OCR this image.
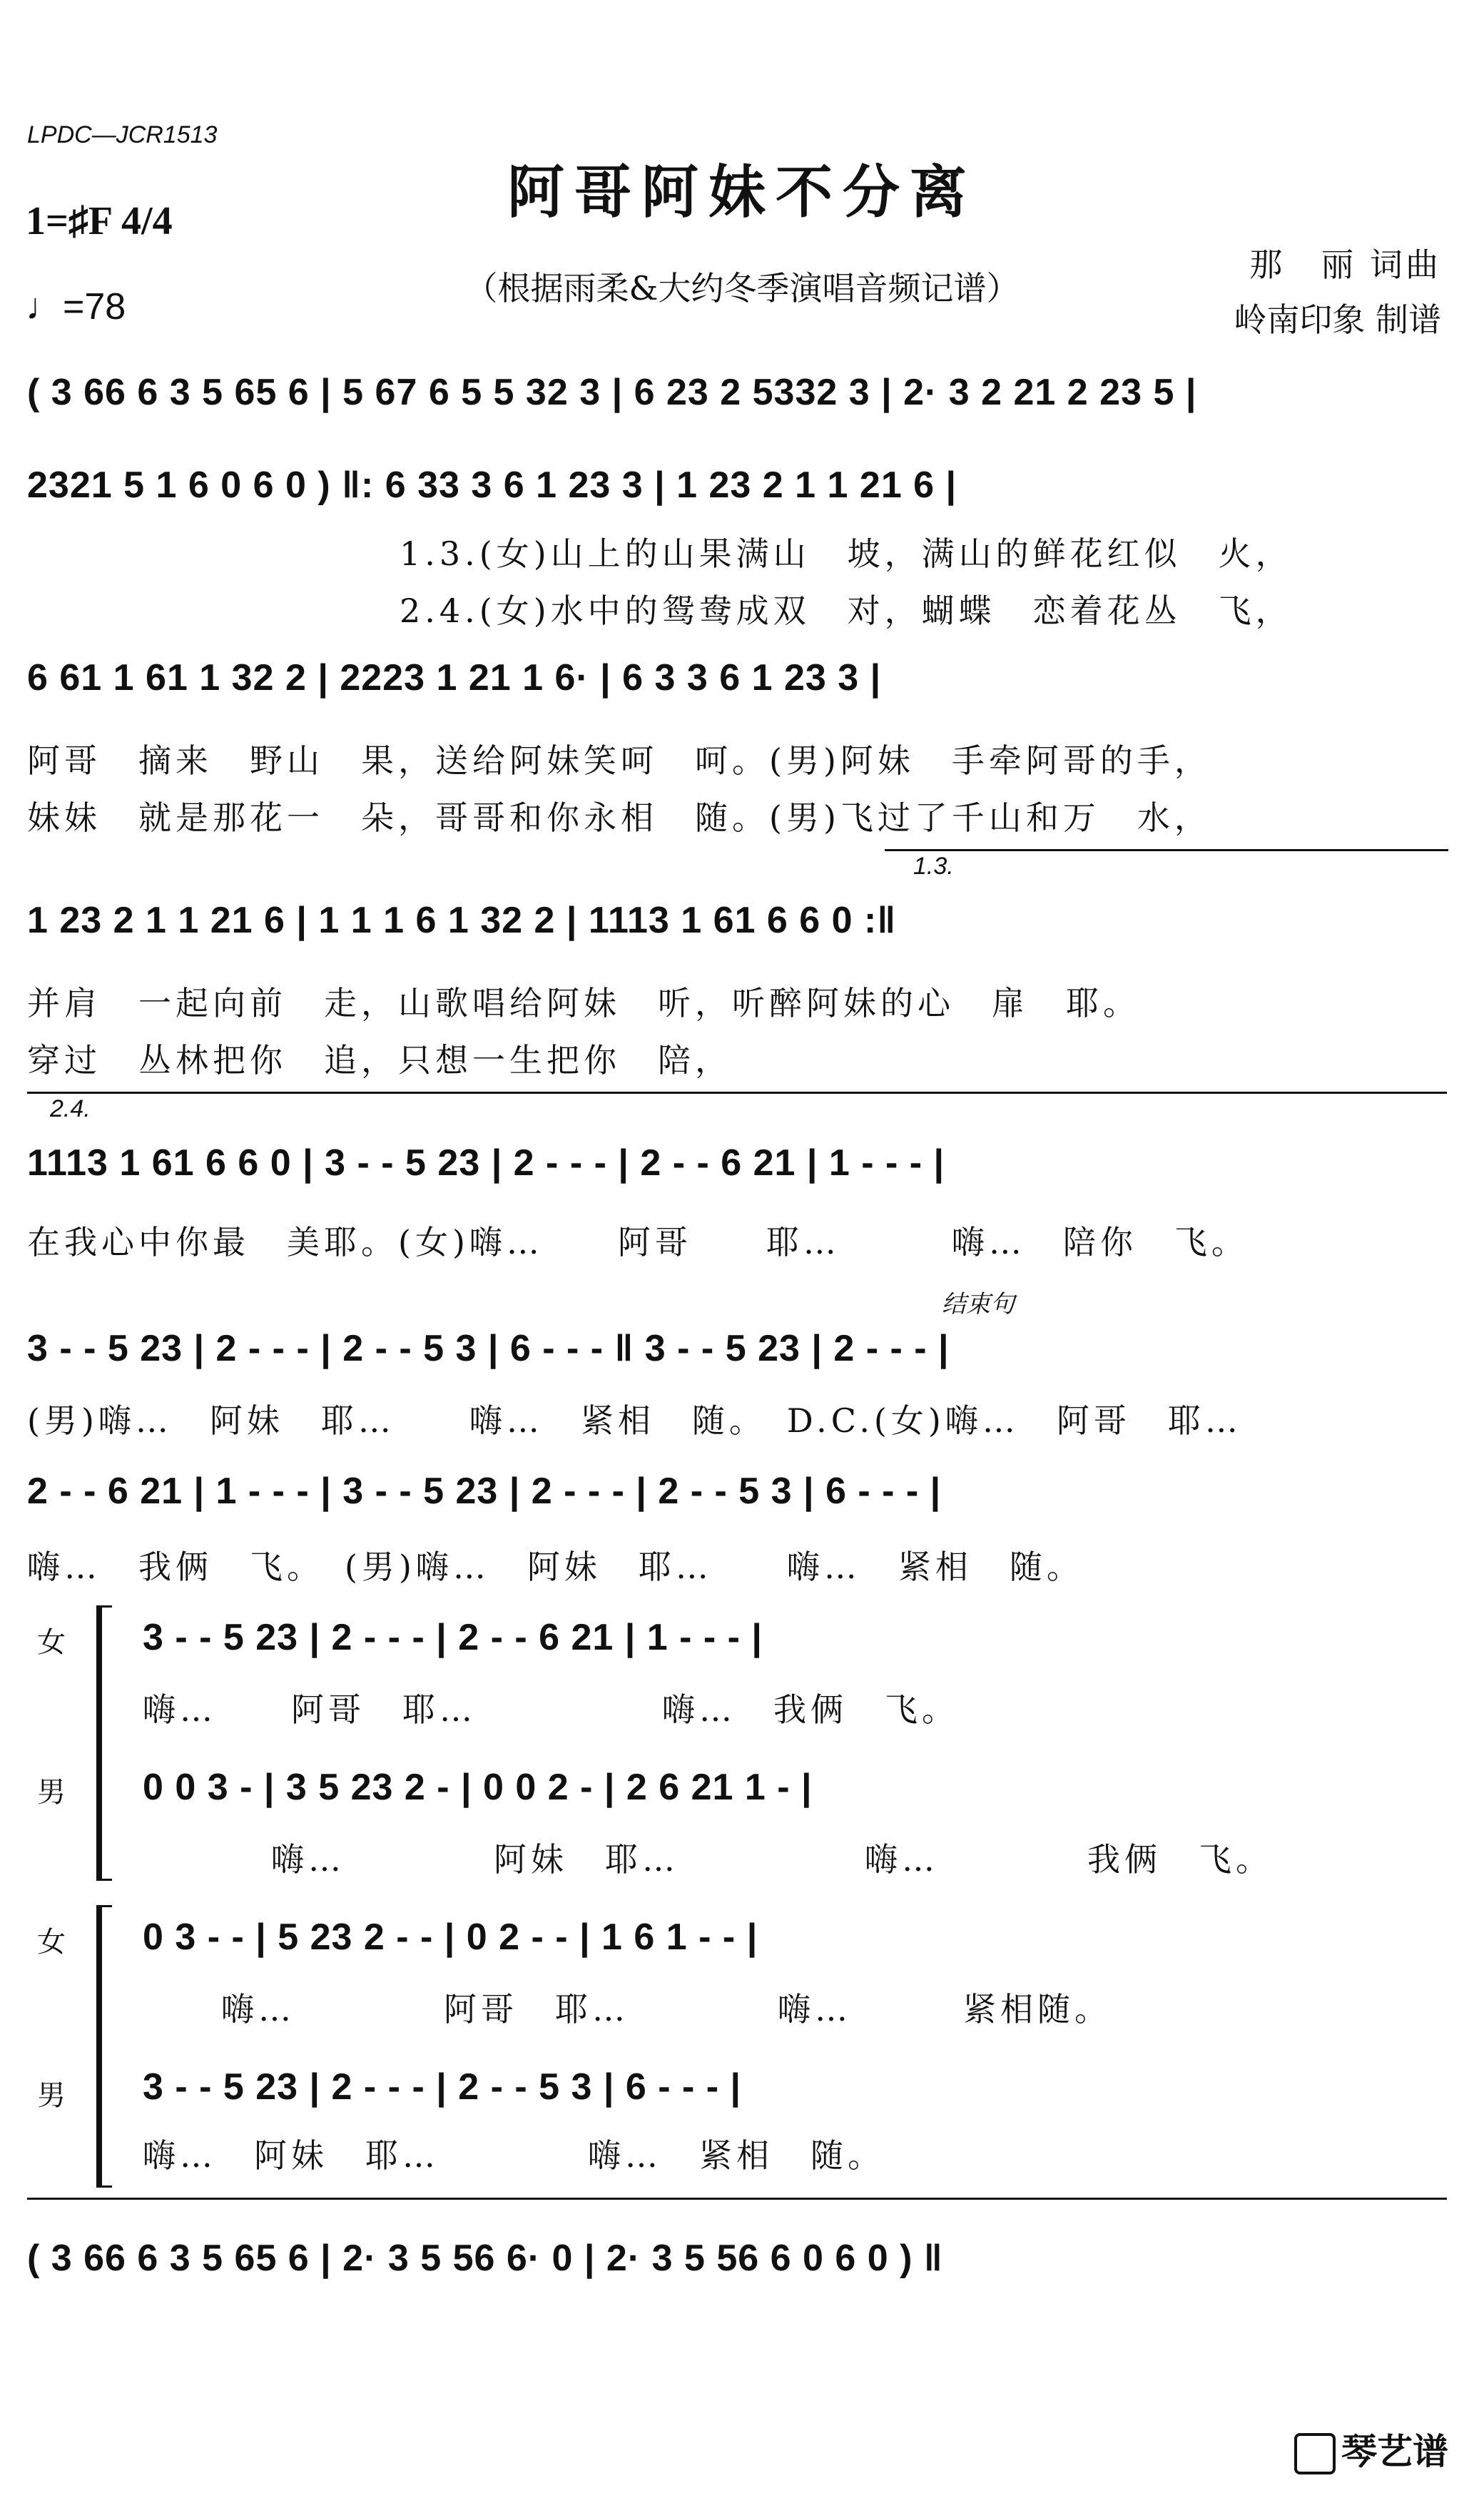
LPDC—JCR1513
1=♯F 4/4
♩=78
阿哥阿妹不分离
（根据雨柔&大约冬季演唱音频记谱）
那　丽 词曲
岭南印象 制谱
( 3 66 6 3 5 65 6 | 5 67 6 5 5 32 3 | 6 23 2 5332 3 | 2· 3 2 21 2 23 5 |
2321 5 1 6 0 6 0 ) ‖: 6 33 3 6 1 23 3 | 1 23 2 1 1 21 6 |
1.3.(女)山上的山果满山　坡，满山的鲜花红似　火，
2.4.(女)水中的鸳鸯成双　对，蝴蝶　恋着花丛　飞，
6 61 1 61 1 32 2 | 2223 1 21 1 6· | 6 3 3 6 1 23 3 |
阿哥　摘来　野山　果，送给阿妹笑呵　呵。(男)阿妹　手牵阿哥的手，
妹妹　就是那花一　朵，哥哥和你永相　随。(男)飞过了千山和万　水，
1.3.
1 23 2 1 1 21 6 | 1 1 1 6 1 32 2 | 1113 1 61 6 6 0 :‖
并肩　一起向前　走，山歌唱给阿妹　听，听醉阿妹的心　扉　耶。
穿过　丛林把你　追，只想一生把你　陪，
2.4.
1113 1 61 6 6 0 | 3 - - 5 23 | 2 - - - | 2 - - 6 21 | 1 - - - |
在我心中你最　美耶。(女)嗨…　　阿哥　　耶…　　　嗨…　陪你　飞。
结束句
3 - - 5 23 | 2 - - - | 2 - - 5 3 | 6 - - - ‖ 3 - - 5 23 | 2 - - - |
(男)嗨…　阿妹　耶…　　嗨…　紧相　随。　D.C.(女)嗨…　阿哥　耶…
2 - - 6 21 | 1 - - - | 3 - - 5 23 | 2 - - - | 2 - - 5 3 | 6 - - - |
嗨…　我俩　飞。　(男)嗨…　阿妹　耶…　　嗨…　紧相　随。
女 3 - - 5 23 | 2 - - - | 2 - - 6 21 | 1 - - - |
嗨…　　阿哥　耶…　　　　　嗨…　我俩　飞。
男 0 0 3 - | 3 5 23 2 - | 0 0 2 - | 2 6 21 1 - |
嗨…　　　　阿妹　耶…　　　　　嗨…　　　　我俩　飞。
女 0 3 - - | 5 23 2 - - | 0 2 - - | 1 6 1 - - |
嗨…　　　　阿哥　耶…　　　　嗨…　　　紧相随。
男 3 - - 5 23 | 2 - - - | 2 - - 5 3 | 6 - - - |
嗨…　阿妹　耶…　　　　嗨…　紧相　随。
( 3 66 6 3 5 65 6 | 2· 3 5 56 6· 0 | 2· 3 5 56 6 0 6 0 ) ‖
琴艺谱
